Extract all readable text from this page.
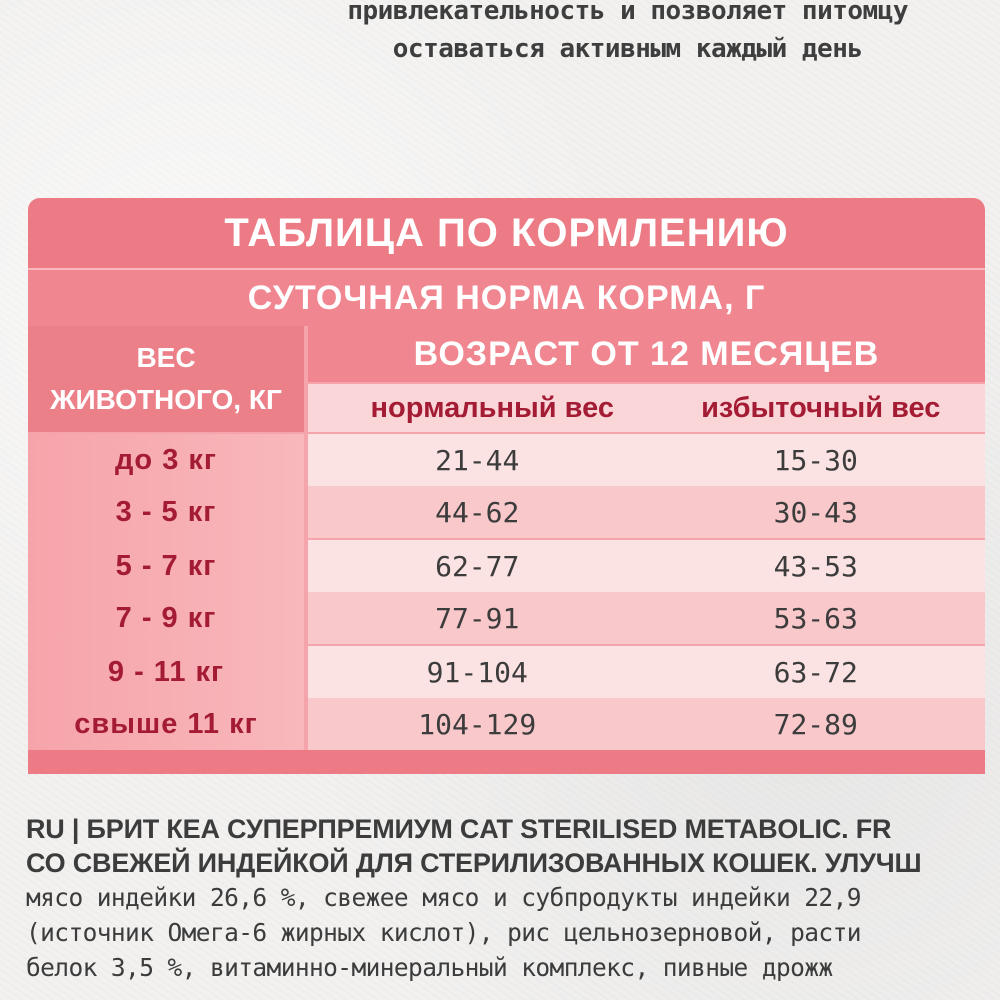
привлекательность и позволяет питомцу
оставаться активным каждый день
ТАБЛИЦА ПО КОРМЛЕНИЮ
СУТОЧНАЯ НОРМА КОРМА, Г
ВЕС
ЖИВОТНОГО, КГ
ВОЗРАСТ ОТ 12 МЕСЯЦЕВ
нормальный вес	избыточный вес
до 3 кг	21-44	15-30
3 - 5 кг	44-62	30-43
5 - 7 кг	62-77	43-53
7 - 9 кг	77-91	53-63
9 - 11 кг	91-104	63-72
свыше 11 кг	104-129	72-89
RU | БРИТ КЕА СУПЕРПРЕМИУМ CAT STERILISED METABOLIC. FR
СО СВЕЖЕЙ ИНДЕЙКОЙ ДЛЯ СТЕРИЛИЗОВАННЫХ КОШЕК. УЛУЧШ
мясо индейки 26,6 %, свежее мясо и субпродукты индейки 22,9
(источник Омега-6 жирных кислот), рис цельнозерновой, расти
белок 3,5 %, витаминно-минеральный комплекс, пивные дрожж
